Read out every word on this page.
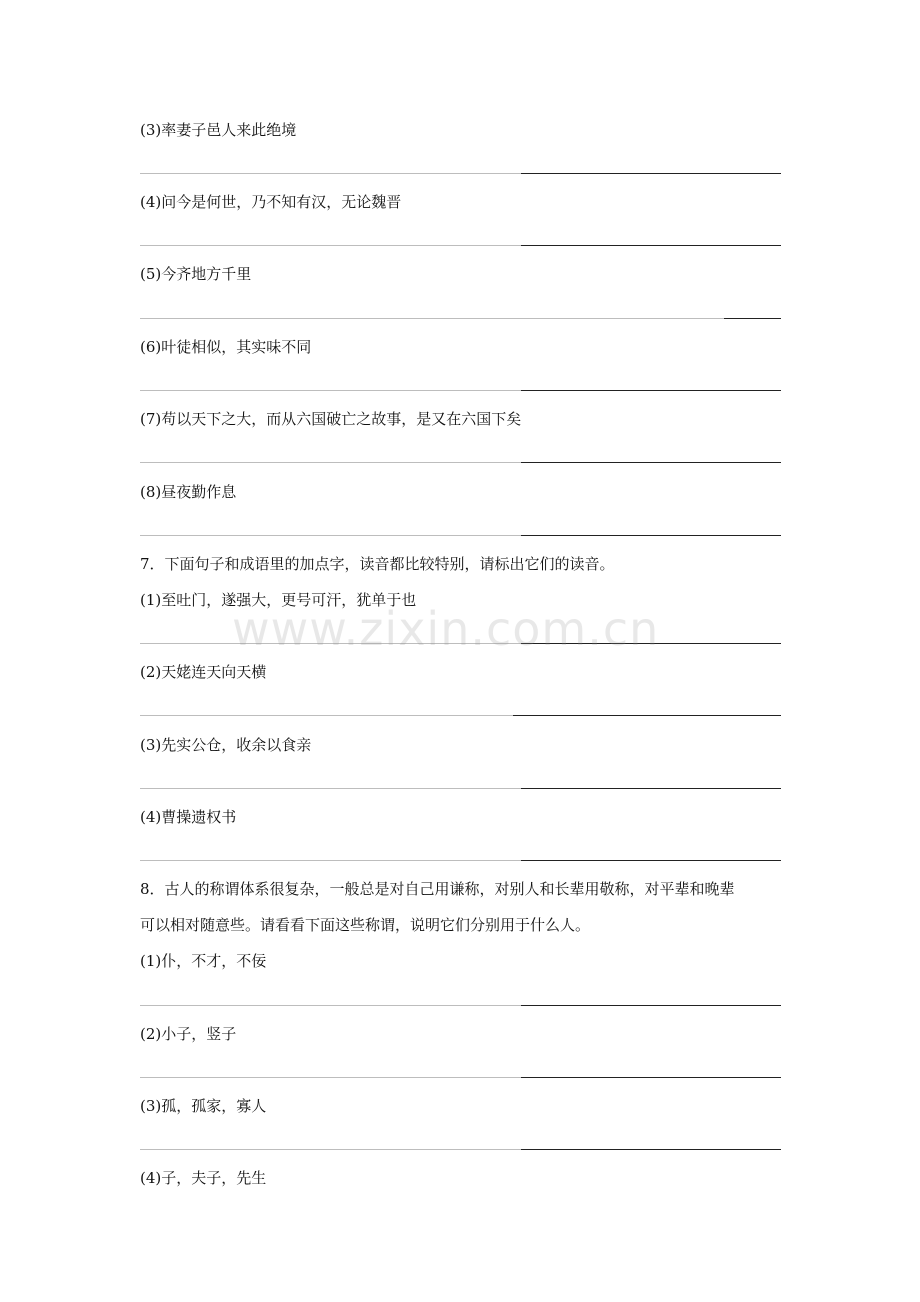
(3)率妻子邑人来此绝境
(4)问今是何世，乃不知有汉，无论魏晋
(5)今齐地方千里
(6)叶徒相似，其实味不同
(7)苟以天下之大，而从六国破亡之故事，是又在六国下矣
(8)昼夜勤作息
7．下面句子和成语里的加点字，读音都比较特别，请标出它们的读音。
(1)至吐门，遂强大，更号可汗，犹单于也
(2)天姥连天向天横
(3)先实公仓，收余以食亲
(4)曹操遗权书
8．古人的称谓体系很复杂，一般总是对自己用谦称，对别人和长辈用敬称，对平辈和晚辈
可以相对随意些。请看看下面这些称谓，说明它们分别用于什么人。
(1)仆，不才，不佞
(2)小子，竖子
(3)孤，孤家，寡人
(4)子，夫子，先生
www.zixin.com.cn
